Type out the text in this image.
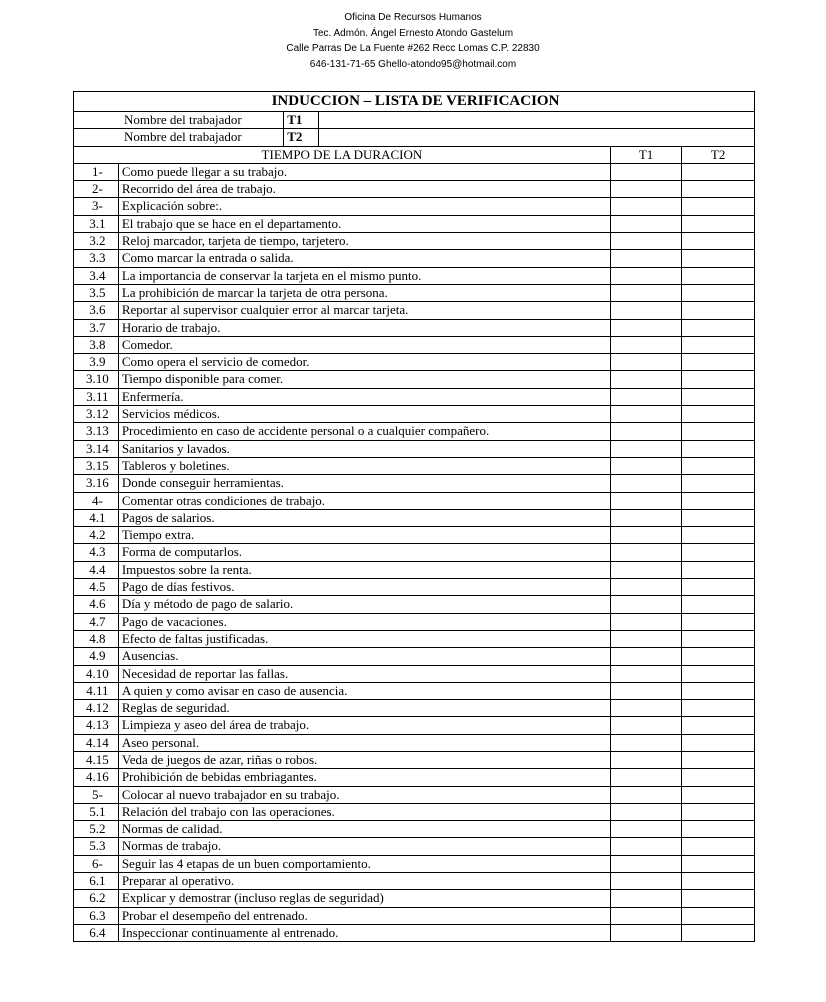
Oficina De Recursos Humanos
Tec. Admón. Ángel Ernesto Atondo Gastelum
Calle Parras De La Fuente #262 Recc Lomas C.P. 22830
646-131-71-65 Ghello-atondo95@hotmail.com
INDUCCION – LISTA DE VERIFICACION					
Nombre del trabajador		T1			
Nombre del trabajador		T2			
TIEMPO DE LA DURACION				T1	T2
1-	Como puede llegar a su trabajo.				
2-	Recorrido del área de trabajo.				
3-	Explicación sobre:.				
3.1	El trabajo que se hace en el departamento.				
3.2	Reloj marcador, tarjeta de tiempo, tarjetero.				
3.3	Como marcar la entrada o salida.				
3.4	La importancia de conservar la tarjeta en el mismo punto.				
3.5	La prohibición de marcar la tarjeta de otra persona.				
3.6	Reportar al supervisor cualquier error al marcar tarjeta.				
3.7	Horario de trabajo.				
3.8	Comedor.				
3.9	Como opera el servicio de comedor.				
3.10	Tiempo disponible para comer.				
3.11	Enfermería.				
3.12	Servicios médicos.				
3.13	Procedimiento en caso de accidente personal o a cualquier compañero.				
3.14	Sanitarios y lavados.				
3.15	Tableros y boletines.				
3.16	Donde conseguir herramientas.				
4-	Comentar otras condiciones de trabajo.				
4.1	Pagos de salarios.				
4.2	Tiempo extra.				
4.3	Forma de computarlos.				
4.4	Impuestos sobre la renta.				
4.5	Pago de días festivos.				
4.6	Día y método de pago de salario.				
4.7	Pago de vacaciones.				
4.8	Efecto de faltas justificadas.				
4.9	Ausencias.				
4.10	Necesidad de reportar las fallas.				
4.11	A quien y como avisar en caso de ausencia.				
4.12	Reglas de seguridad.				
4.13	Limpieza y aseo del área de trabajo.				
4.14	Aseo personal.				
4.15	Veda de juegos de azar, riñas o robos.				
4.16	Prohibición de bebidas embriagantes.				
5-	Colocar al nuevo trabajador en su trabajo.				
5.1	Relación del trabajo con las operaciones.				
5.2	Normas de calidad.				
5.3	Normas de trabajo.				
6-	Seguir las 4 etapas de un buen comportamiento.				
6.1	Preparar al operativo.				
6.2	Explicar y demostrar (incluso reglas de seguridad)				
6.3	Probar el desempeño del entrenado.				
6.4	Inspeccionar continuamente al entrenado.				
